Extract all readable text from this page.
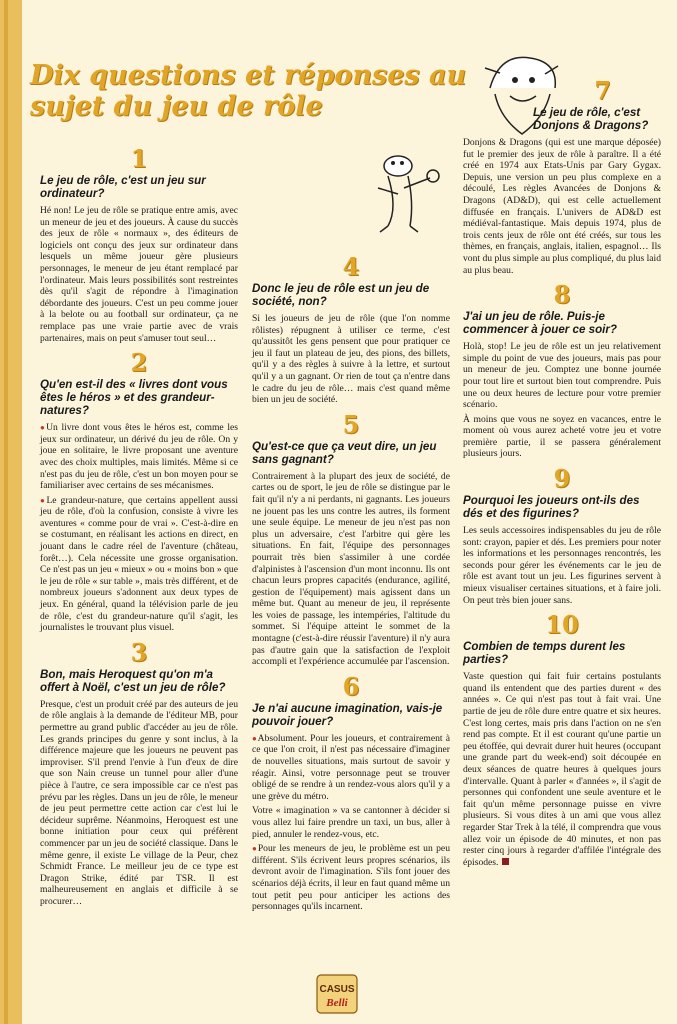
Dix questions et réponses au sujet du jeu de rôle
1
Le jeu de rôle, c'est un jeu sur ordinateur?

Hé non! Le jeu de rôle se pratique entre amis, avec un meneur de jeu et des joueurs. À cause du succès des jeux de rôle « normaux », des éditeurs de logiciels ont conçu des jeux sur ordinateur dans lesquels un même joueur gère plusieurs personnages, le meneur de jeu étant remplacé par l'ordinateur. Mais leurs possibilités sont restreintes dès qu'il s'agit de répondre à l'imagination débordante des joueurs. C'est un peu comme jouer à la belote ou au football sur ordinateur, ça ne remplace pas une vraie partie avec de vrais partenaires, mais on peut s'amuser tout seul…

2
Qu'en est-il des « livres dont vous êtes le héros » et des grandeur-natures?

● Un livre dont vous êtes le héros est, comme les jeux sur ordinateur, un dérivé du jeu de rôle. On y joue en solitaire, le livre proposant une aventure avec des choix multiples, mais limités. Même si ce n'est pas du jeu de rôle, c'est un bon moyen pour se familiariser avec certains de ses mécanismes.

● Le grandeur-nature, que certains appellent aussi jeu de rôle, d'où la confusion, consiste à vivre les aventures « comme pour de vrai ». C'est-à-dire en se costumant, en réalisant les actions en direct, en jouant dans le cadre réel de l'aventure (château, forêt…). Cela nécessite une grosse organisation. Ce n'est pas un jeu « mieux » ou « moins bon » que le jeu de rôle « sur table », mais très différent, et de nombreux joueurs s'adonnent aux deux types de jeux. En général, quand la télévision parle de jeu de rôle, c'est du grandeur-nature qu'il s'agit, les journalistes le trouvant plus visuel.

3
Bon, mais Heroquest qu'on m'a offert à Noël, c'est un jeu de rôle?

Presque, c'est un produit créé par des auteurs de jeu de rôle anglais à la demande de l'éditeur MB, pour permettre au grand public d'accéder au jeu de rôle. Les grands principes du genre y sont inclus, à la différence majeure que les joueurs ne peuvent pas improviser. S'il prend l'envie à l'un d'eux de dire que son Nain creuse un tunnel pour aller d'une pièce à l'autre, ce sera impossible car ce n'est pas prévu par les règles. Dans un jeu de rôle, le meneur de jeu peut permettre cette action car c'est lui le décideur suprême. Néanmoins, Heroquest est une bonne initiation pour ceux qui préfèrent commencer par un jeu de société classique. Dans le même genre, il existe Le village de la Peur, chez Schmidt France. Le meilleur jeu de ce type est Dragon Strike, édité par TSR. Il est malheureusement en anglais et difficile à se procurer…

4
Donc le jeu de rôle est un jeu de société, non?

Si les joueurs de jeu de rôle (que l'on nomme rôlistes) répugnent à utiliser ce terme, c'est qu'aussitôt les gens pensent que pour pratiquer ce jeu il faut un plateau de jeu, des pions, des billets, qu'il y a des règles à suivre à la lettre, et surtout qu'il y a un gagnant. Or rien de tout ça n'entre dans le cadre du jeu de rôle… mais c'est quand même bien un jeu de société.

5
Qu'est-ce que ça veut dire, un jeu sans gagnant?

Contrairement à la plupart des jeux de société, de cartes ou de sport, le jeu de rôle se distingue par le fait qu'il n'y a ni perdants, ni gagnants. Les joueurs ne jouent pas les uns contre les autres, ils forment une seule équipe. Le meneur de jeu n'est pas non plus un adversaire, c'est l'arbitre qui gère les situations. En fait, l'équipe des personnages pourrait très bien s'assimiler à une cordée d'alpinistes à l'ascension d'un mont inconnu. Ils ont chacun leurs propres capacités (endurance, agilité, gestion de l'équipement) mais agissent dans un même but. Quant au meneur de jeu, il représente les voies de passage, les intempéries, l'altitude du sommet. Si l'équipe atteint le sommet de la montagne (c'est-à-dire réussir l'aventure) il n'y aura pas d'autre gain que la satisfaction de l'exploit accompli et l'expérience accumulée par l'ascension.

6
Je n'ai aucune imagination, vais-je pouvoir jouer?

● Absolument. Pour les joueurs, et contrairement à ce que l'on croit, il n'est pas nécessaire d'imaginer de nouvelles situations, mais surtout de savoir y réagir. Ainsi, votre personnage peut se trouver obligé de se rendre à un rendez-vous alors qu'il y a une grève du métro.

Votre « imagination » va se cantonner à décider si vous allez lui faire prendre un taxi, un bus, aller à pied, annuler le rendez-vous, etc.

● Pour les meneurs de jeu, le problème est un peu différent. S'ils écrivent leurs propres scénarios, ils devront avoir de l'imagination. S'ils font jouer des scénarios déjà écrits, il leur en faut quand même un tout petit peu pour anticiper les actions des personnages qu'ils incarnent.

7
Le jeu de rôle, c'est Donjons & Dragons?

Donjons & Dragons (qui est une marque déposée) fut le premier des jeux de rôle à paraître. Il a été créé en 1974 aux Etats-Unis par Gary Gygax. Depuis, une version un peu plus complexe en a découlé, Les règles Avancées de Donjons & Dragons (AD&D), qui est celle actuellement diffusée en français. L'univers de AD&D est médiéval-fantastique. Mais depuis 1974, plus de trois cents jeux de rôle ont été créés, sur tous les thèmes, en français, anglais, italien, espagnol… Ils vont du plus simple au plus compliqué, du plus laid au plus beau.

8
J'ai un jeu de rôle. Puis-je commencer à jouer ce soir?

Holà, stop! Le jeu de rôle est un jeu relativement simple du point de vue des joueurs, mais pas pour un meneur de jeu. Comptez une bonne journée pour tout lire et surtout bien tout comprendre. Puis une ou deux heures de lecture pour votre premier scénario.

À moins que vous ne soyez en vacances, entre le moment où vous aurez acheté votre jeu et votre première partie, il se passera généralement plusieurs jours.

9
Pourquoi les joueurs ont-ils des dés et des figurines?

Les seuls accessoires indispensables du jeu de rôle sont: crayon, papier et dés. Les premiers pour noter les informations et les personnages rencontrés, les seconds pour gérer les événements car le jeu de rôle est avant tout un jeu. Les figurines servent à mieux visualiser certaines situations, et à faire joli. On peut très bien jouer sans.

10
Combien de temps durent les parties?

Vaste question qui fait fuir certains postulants quand ils entendent que des parties durent « des années ». Ce qui n'est pas tout à fait vrai. Une partie de jeu de rôle dure entre quatre et six heures. C'est long certes, mais pris dans l'action on ne s'en rend pas compte. Et il est courant qu'une partie un peu étoffée, qui devrait durer huit heures (occupant une grande part du week-end) soit découpée en deux séances de quatre heures à quelques jours d'intervalle. Quant à parler « d'années », il s'agit de personnes qui confondent une seule aventure et le fait qu'un même personnage puisse en vivre plusieurs. Si vous dites à un ami que vous allez regarder Star Trek à la télé, il comprendra que vous allez voir un épisode de 40 minutes, et non pas rester cinq jours à regarder d'affilée l'intégrale des épisodes.

CASUS
Belli
